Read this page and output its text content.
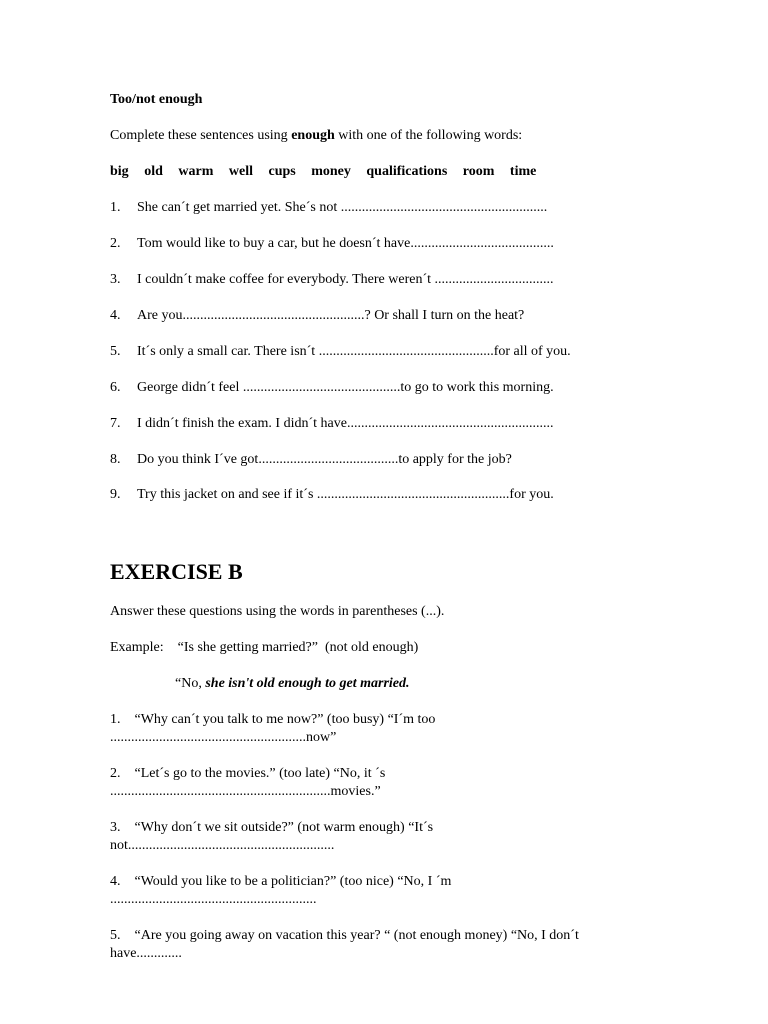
Too/not enough
Complete these sentences using enough with one of the following words:
big old warm well cups money qualifications room time
1. She can´t get married yet. She´s not ...........................................................
2. Tom would like to buy a car, but he doesn´t have.........................................
3. I couldn´t make coffee for everybody. There weren´t ..................................
4. Are you....................................................? Or shall I turn on the heat?
5. It´s only a small car. There isn´t ..................................................for all of you.
6. George didn´t feel .............................................to go to work this morning.
7. I didn´t finish the exam. I didn´t have...........................................................
8. Do you think I´ve got........................................to apply for the job?
9. Try this jacket on and see if it´s .......................................................for you.
EXERCISE B
Answer these questions using the words in parentheses (...).
Example:    “Is she getting married?”  (not old enough)
“No, she isn't old enough to get married.
1. “Why can´t you talk to me now?” (too busy) “I´m too ........................................................now”
2. “Let´s go to the movies.” (too late) “No, it ´s ...............................................................movies.”
3. “Why don´t we sit outside?” (not warm enough) “It´s not...........................................................
4. “Would you like to be a politician?” (too nice) “No, I ´m ...........................................................
5. “Are you going away on vacation this year? “ (not enough money) “No, I don´t have.............
